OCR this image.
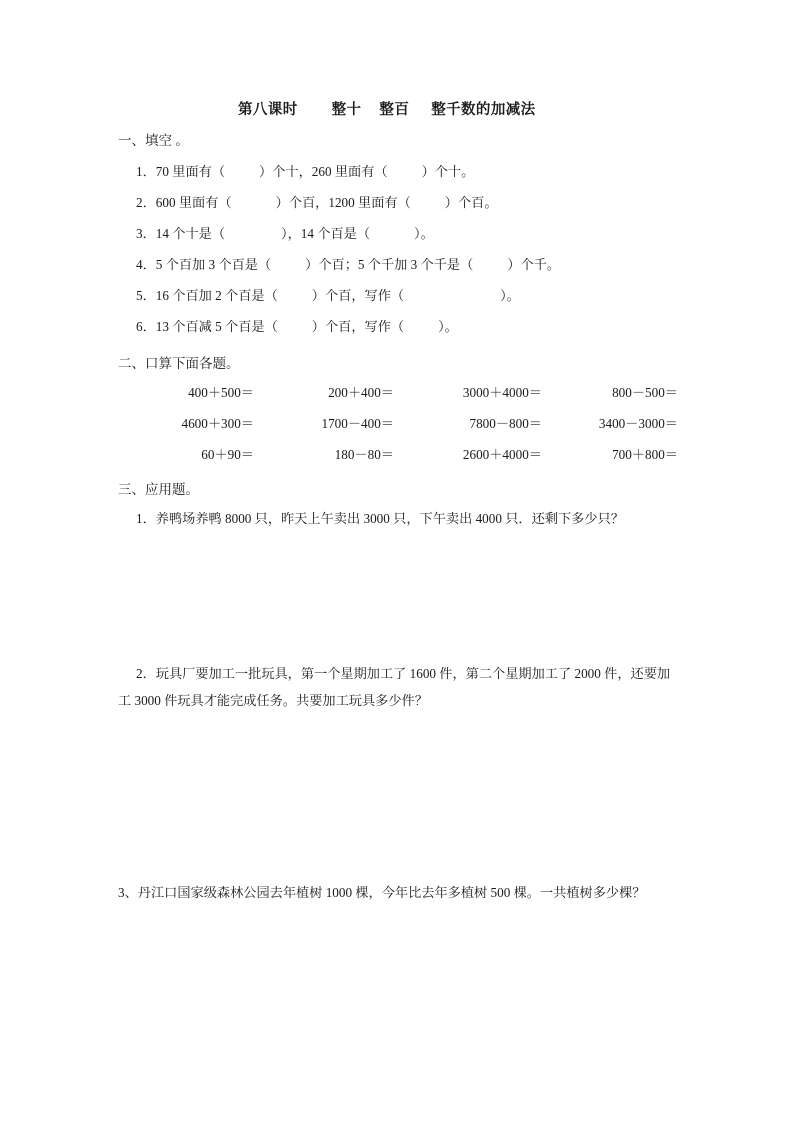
第八课时 整十 整百 整千数的加减法
一、填空 。
1．70 里面有（	）个十，260 里面有（	）个十。
2．600 里面有（	）个百，1200 里面有（	）个百。
3．14 个十是（	），14 个百是（	）。
4．5 个百加 3 个百是（	）个百；5 个千加 3 个千是（	）个千。
5．16 个百加 2 个百是（	）个百，写作（	）。
6．13 个百减 5 个百是（	）个百，写作（	）。
二、口算下面各题。
400＋500＝	200＋400＝	3000＋4000＝	800－500＝
4600＋300＝	1700－400＝	7800－800＝	3400－3000＝
60＋90＝	180－80＝	2600＋4000＝	700＋800＝
三、应用题。
1．养鸭场养鸭 8000 只，昨天上午卖出 3000 只，下午卖出 4000 只．还剩下多少只？
2．玩具厂要加工一批玩具，第一个星期加工了 1600 件，第二个星期加工了 2000 件，还要加工 3000 件玩具才能完成任务。共要加工玩具多少件？
3、丹江口国家级森林公园去年植树 1000 棵，今年比去年多植树 500 棵。一共植树多少棵？
